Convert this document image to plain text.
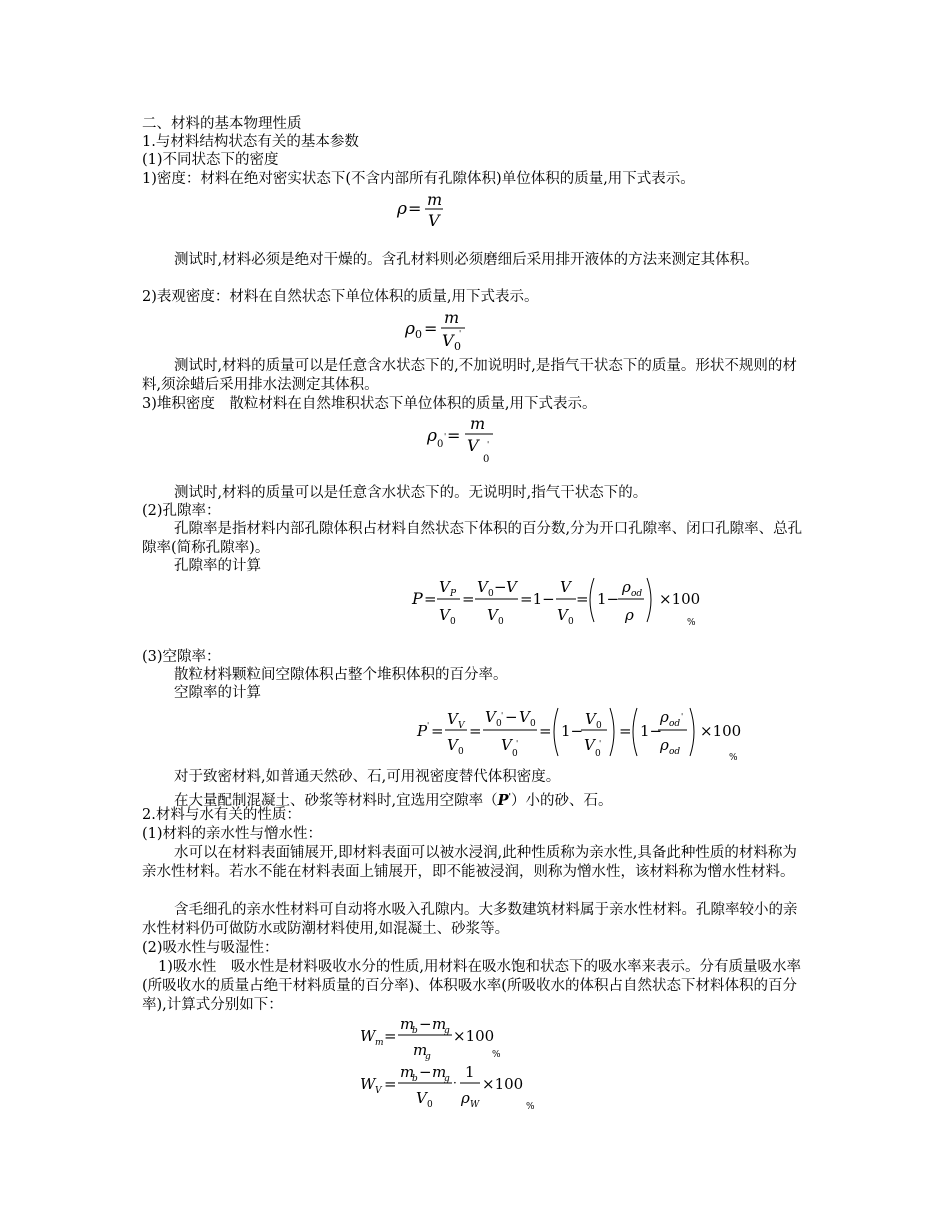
二、材料的基本物理性质
1.与材料结构状态有关的基本参数
(1)不同状态下的密度
1)密度：材料在绝对密实状态下(不含内部所有孔隙体积)单位体积的质量,用下式表示。
ρ = m
V
测试时,材料必须是绝对干燥的。含孔材料则必须磨细后采用排开液体的方法来测定其体积。
2)表观密度：材料在自然状态下单位体积的质量,用下式表示。
ρ 0 =
m
V 0
'
测试时,材料的质量可以是任意含水状态下的,不加说明时,是指气干状态下的质量。形状不规则的材料,须涂蜡后采用排水法测定其体积。
3)堆积密度　散粒材料在自然堆积状态下单位体积的质量,用下式表示。
ρ 0
' =
m
V
0
'
测试时,材料的质量可以是任意含水状态下的。无说明时,指气干状态下的。
(2)孔隙率：
孔隙率是指材料内部孔隙体积占材料自然状态下体积的百分数,分为开口孔隙率、闭口孔隙率、总孔隙率(简称孔隙率)。
孔隙率的计算
P =
V P
V 0
=
V 0 − V
V 0
=1−
V
V 0
= 1−
ρ od
ρ
×100
%
(3)空隙率：
散粒材料颗粒间空隙体积占整个堆积体积的百分率。
空隙率的计算
P ' =
V V
V 0
=
V 0
' − V 0
V 0
'
= 1−
V 0
V 0
'
= 1−
ρ od
'
ρ od
×100
%
对于致密材料,如普通天然砂、石,可用视密度替代体积密度。
在大量配制混凝土、砂浆等材料时,宜选用空隙率（P'）小的砂、石。
2.材料与水有关的性质：
(1)材料的亲水性与憎水性：
水可以在材料表面铺展开,即材料表面可以被水浸润,此种性质称为亲水性,具备此种性质的材料称为亲水性材料。若水不能在材料表面上铺展开，即不能被浸润，则称为憎水性，该材料称为憎水性材料。
含毛细孔的亲水性材料可自动将水吸入孔隙内。大多数建筑材料属于亲水性材料。孔隙率较小的亲水性材料仍可做防水或防潮材料使用,如混凝土、砂浆等。
(2)吸水性与吸湿性：
1)吸水性　吸水性是材料吸收水分的性质,用材料在吸水饱和状态下的吸水率来表示。分有质量吸水率(所吸收水的质量占绝干材料质量的百分率)、体积吸水率(所吸收水的体积占自然状态下材料体积的百分率),计算式分别如下：
W m =
m
b − m
g
m
g
×100
%
W V =
m
b − m
g
V 0
·
1
ρ W
×100
%
